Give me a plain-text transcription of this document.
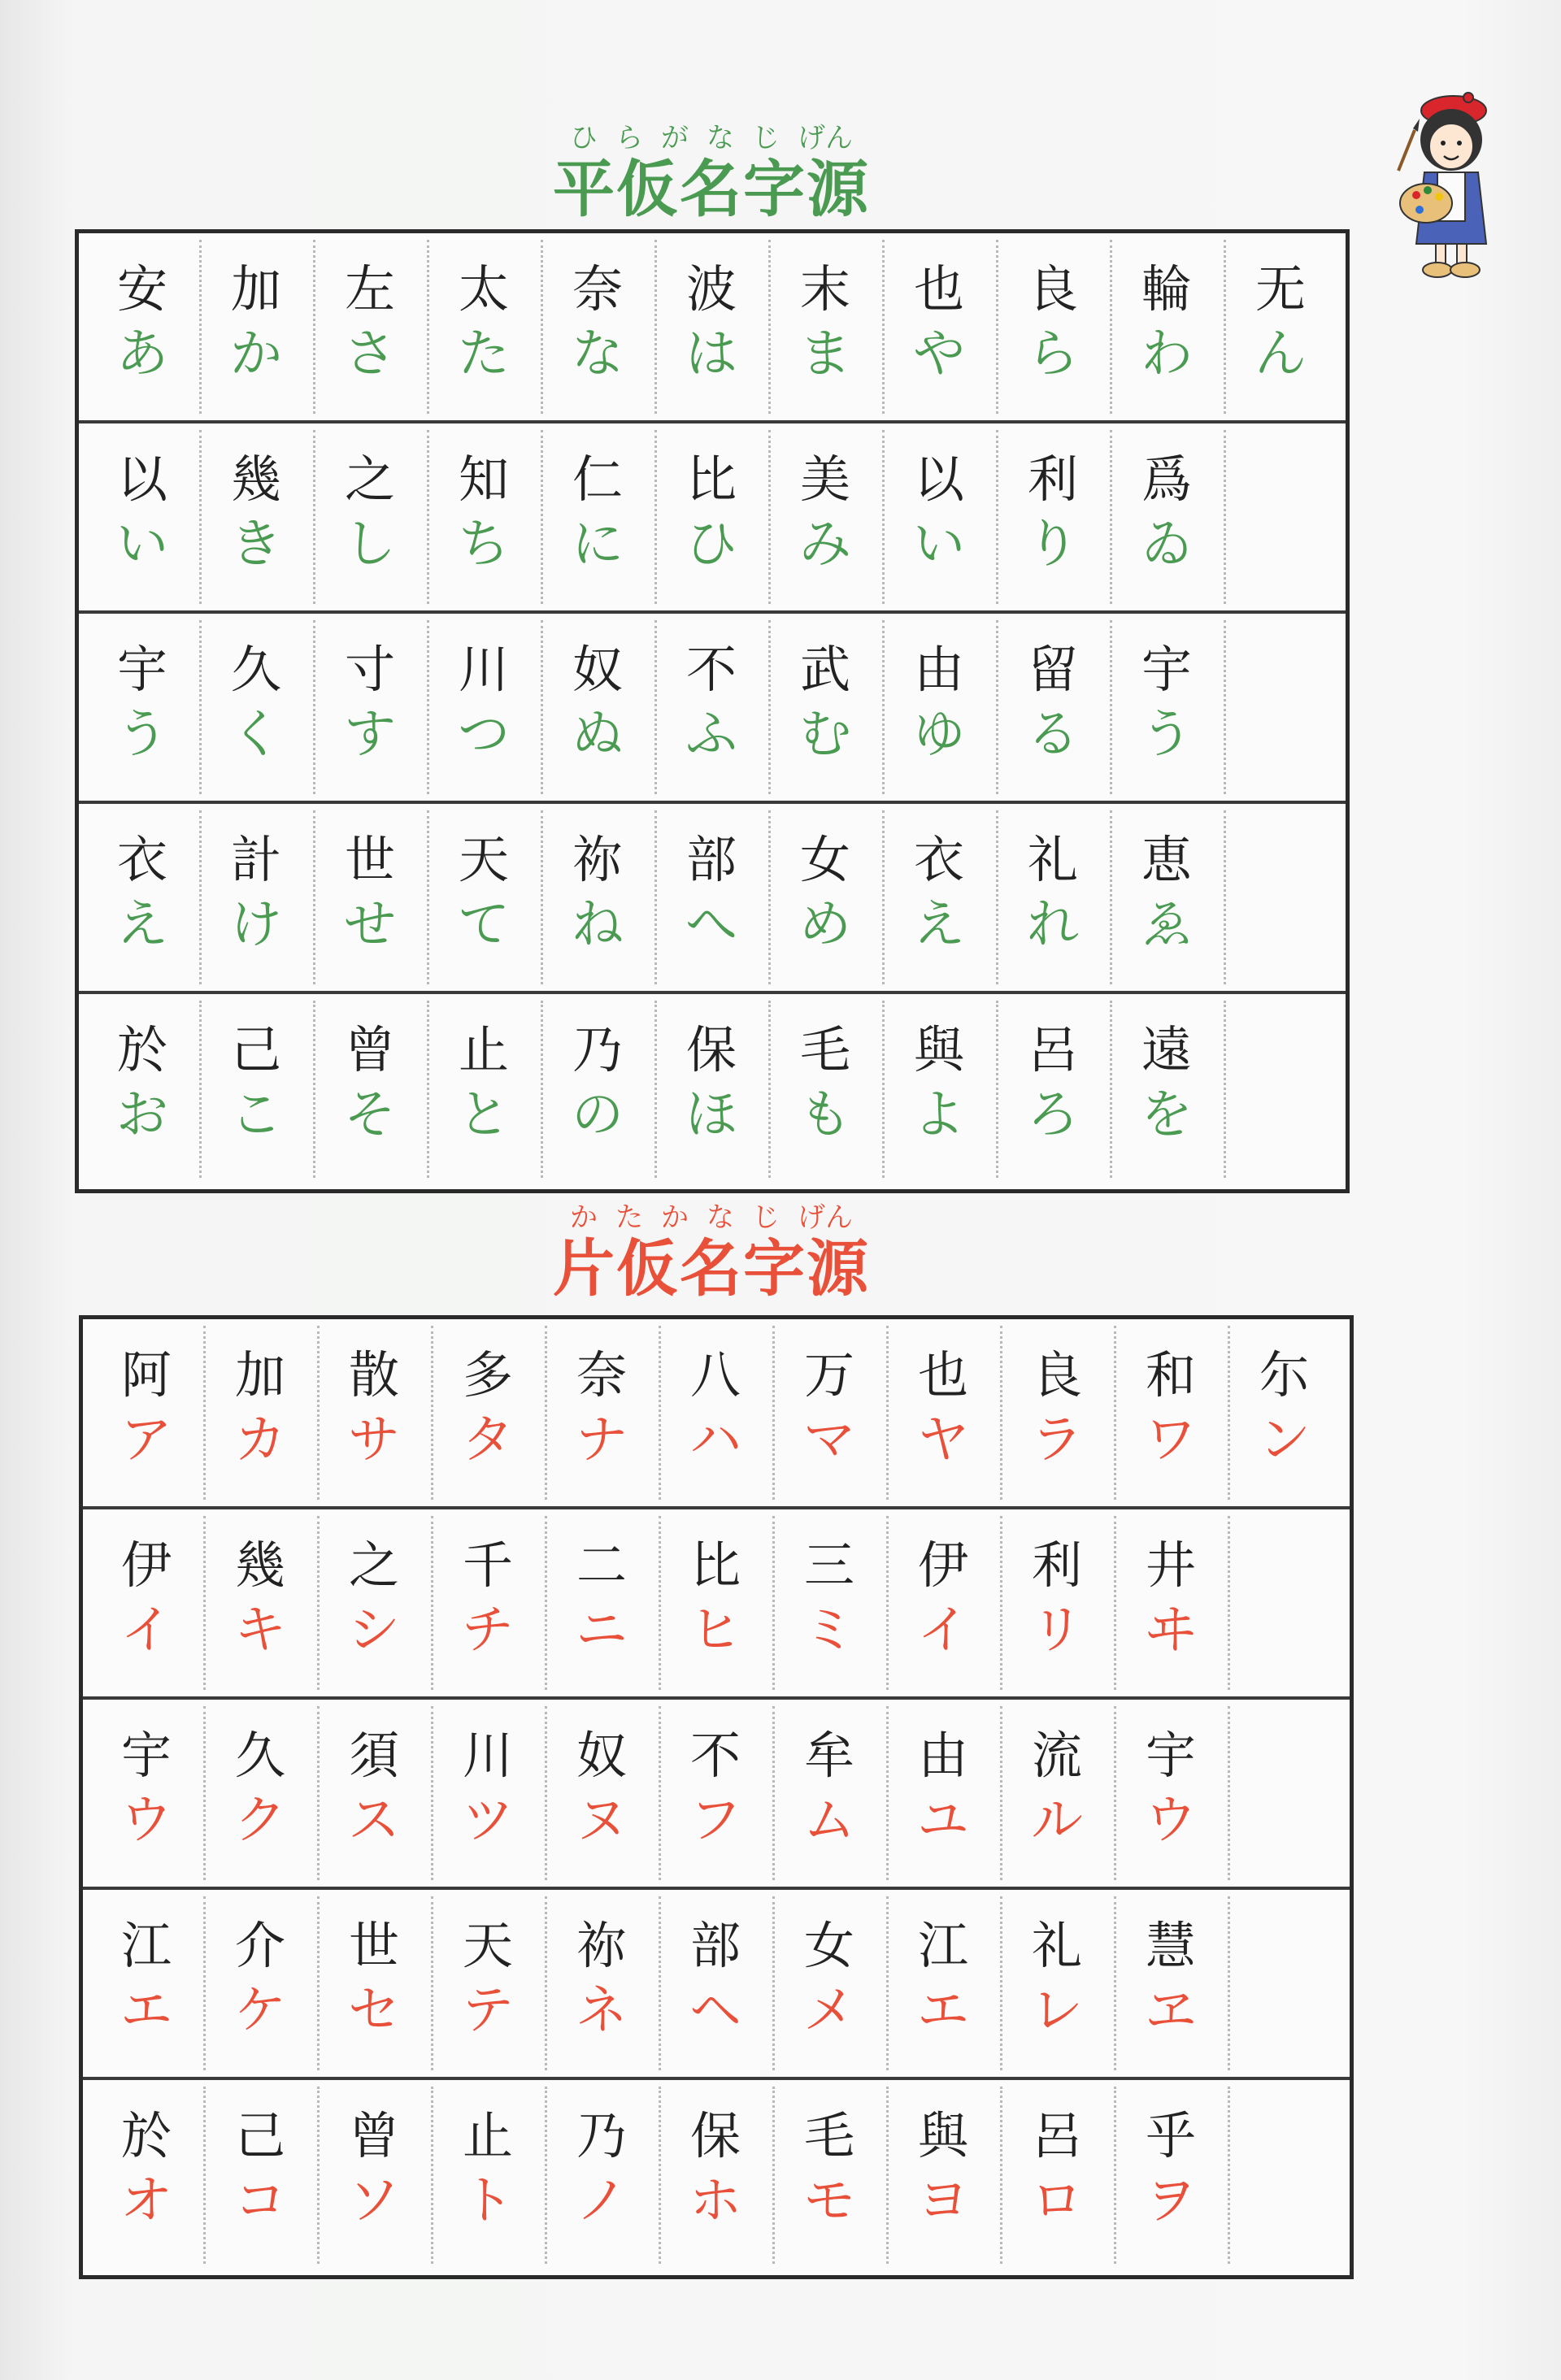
ひ ら が な じ げん
平仮名字源
安
あ
加
か
左
さ
太
た
奈
な
波
は
末
ま
也
や
良
ら
輪
わ
无
ん
以
い
幾
き
之
し
知
ち
仁
に
比
ひ
美
み
以
い
利
り
爲
ゐ
宇
う
久
く
寸
す
川
つ
奴
ぬ
不
ふ
武
む
由
ゆ
留
る
宇
う
衣
え
計
け
世
せ
天
て
祢
ね
部
へ
女
め
衣
え
礼
れ
恵
ゑ
於
お
己
こ
曾
そ
止
と
乃
の
保
ほ
毛
も
與
よ
呂
ろ
遠
を
か た か な じ げん
片仮名字源
阿
ア
加
カ
散
サ
多
タ
奈
ナ
八
ハ
万
マ
也
ヤ
良
ラ
和
ワ
尓
ン
伊
イ
幾
キ
之
シ
千
チ
二
ニ
比
ヒ
三
ミ
伊
イ
利
リ
井
ヰ
宇
ウ
久
ク
須
ス
川
ツ
奴
ヌ
不
フ
牟
ム
由
ユ
流
ル
宇
ウ
江
エ
介
ケ
世
セ
天
テ
祢
ネ
部
ヘ
女
メ
江
エ
礼
レ
慧
ヱ
於
オ
己
コ
曾
ソ
止
ト
乃
ノ
保
ホ
毛
モ
與
ヨ
呂
ロ
乎
ヲ
